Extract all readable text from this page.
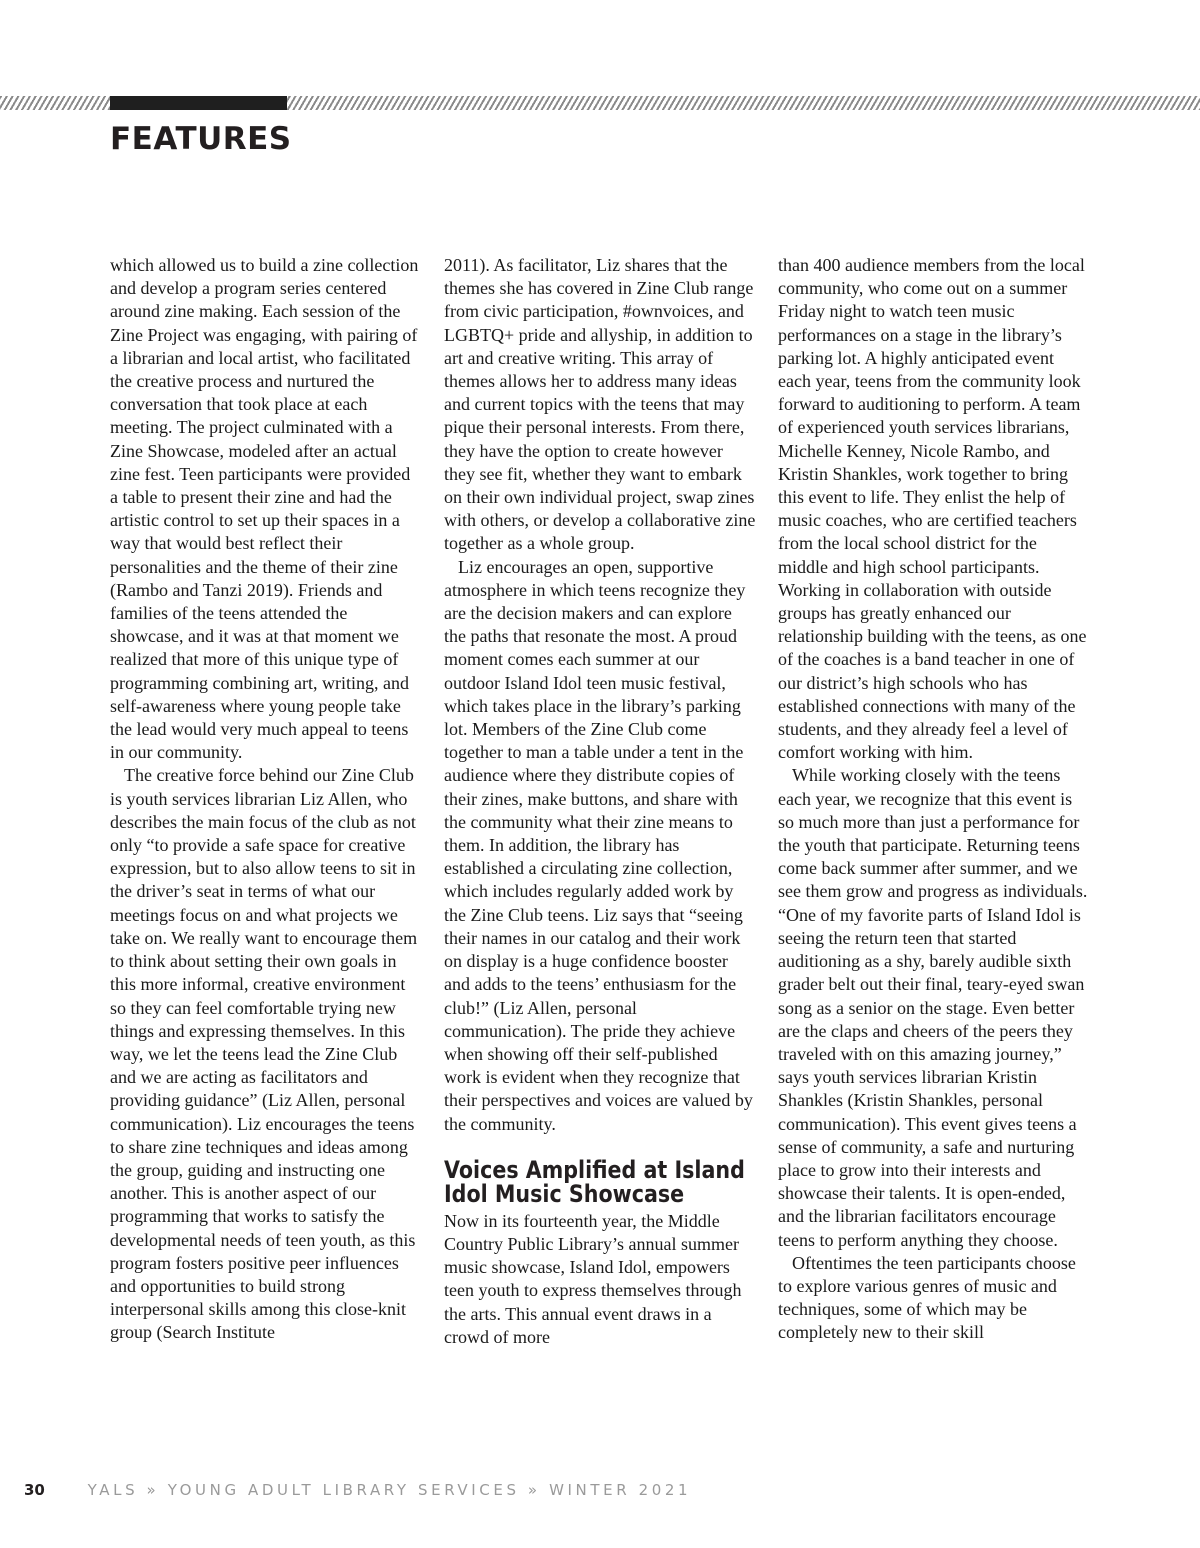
FEATURES

which allowed us to build a zine collection and develop a program series centered around zine making. Each session of the Zine Project was engaging, with pairing of a librarian and local artist, who facilitated the creative process and nurtured the conversation that took place at each meeting. The project culminated with a Zine Showcase, modeled after an actual zine fest. Teen participants were provided a table to present their zine and had the artistic control to set up their spaces in a way that would best reflect their personalities and the theme of their zine (Rambo and Tanzi 2019). Friends and families of the teens attended the showcase, and it was at that moment we realized that more of this unique type of programming combining art, writing, and self-awareness where young people take the lead would very much appeal to teens in our community.

The creative force behind our Zine Club is youth services librarian Liz Allen, who describes the main focus of the club as not only “to provide a safe space for creative expression, but to also allow teens to sit in the driver’s seat in terms of what our meetings focus on and what projects we take on. We really want to encourage them to think about setting their own goals in this more informal, creative environment so they can feel comfortable trying new things and expressing themselves. In this way, we let the teens lead the Zine Club and we are acting as facilitators and providing guidance” (Liz Allen, personal communication). Liz encourages the teens to share zine techniques and ideas among the group, guiding and instructing one another. This is another aspect of our programming that works to satisfy the developmental needs of teen youth, as this program fosters positive peer influences and opportunities to build strong interpersonal skills among this close-knit group (Search Institute

2011). As facilitator, Liz shares that the themes she has covered in Zine Club range from civic participation, #ownvoices, and LGBTQ+ pride and allyship, in addition to art and creative writing. This array of themes allows her to address many ideas and current topics with the teens that may pique their personal interests. From there, they have the option to create however they see fit, whether they want to embark on their own individual project, swap zines with others, or develop a collaborative zine together as a whole group.

Liz encourages an open, supportive atmosphere in which teens recognize they are the decision makers and can explore the paths that resonate the most. A proud moment comes each summer at our outdoor Island Idol teen music festival, which takes place in the library’s parking lot. Members of the Zine Club come together to man a table under a tent in the audience where they distribute copies of their zines, make buttons, and share with the community what their zine means to them. In addition, the library has established a circulating zine collection, which includes regularly added work by the Zine Club teens. Liz says that “seeing their names in our catalog and their work on display is a huge confidence booster and adds to the teens’ enthusiasm for the club!” (Liz Allen, personal communication). The pride they achieve when showing off their self-published work is evident when they recognize that their perspectives and voices are valued by the community.

Voices Amplified at Island Idol Music Showcase

Now in its fourteenth year, the Middle Country Public Library’s annual summer music showcase, Island Idol, empowers teen youth to express themselves through the arts. This annual event draws in a crowd of more

than 400 audience members from the local community, who come out on a summer Friday night to watch teen music performances on a stage in the library’s parking lot. A highly anticipated event each year, teens from the community look forward to auditioning to perform. A team of experienced youth services librarians, Michelle Kenney, Nicole Rambo, and Kristin Shankles, work together to bring this event to life. They enlist the help of music coaches, who are certified teachers from the local school district for the middle and high school participants. Working in collaboration with outside groups has greatly enhanced our relationship building with the teens, as one of the coaches is a band teacher in one of our district’s high schools who has established connections with many of the students, and they already feel a level of comfort working with him.

While working closely with the teens each year, we recognize that this event is so much more than just a performance for the youth that participate. Returning teens come back summer after summer, and we see them grow and progress as individuals. “One of my favorite parts of Island Idol is seeing the return teen that started auditioning as a shy, barely audible sixth grader belt out their final, teary-eyed swan song as a senior on the stage. Even better are the claps and cheers of the peers they traveled with on this amazing journey,” says youth services librarian Kristin Shankles (Kristin Shankles, personal communication). This event gives teens a sense of community, a safe and nurturing place to grow into their interests and showcase their talents. It is open-ended, and the librarian facilitators encourage teens to perform anything they choose.

Oftentimes the teen participants choose to explore various genres of music and techniques, some of which may be completely new to their skill

30	YALS » YOUNG ADULT LIBRARY SERVICES » WINTER 2021
